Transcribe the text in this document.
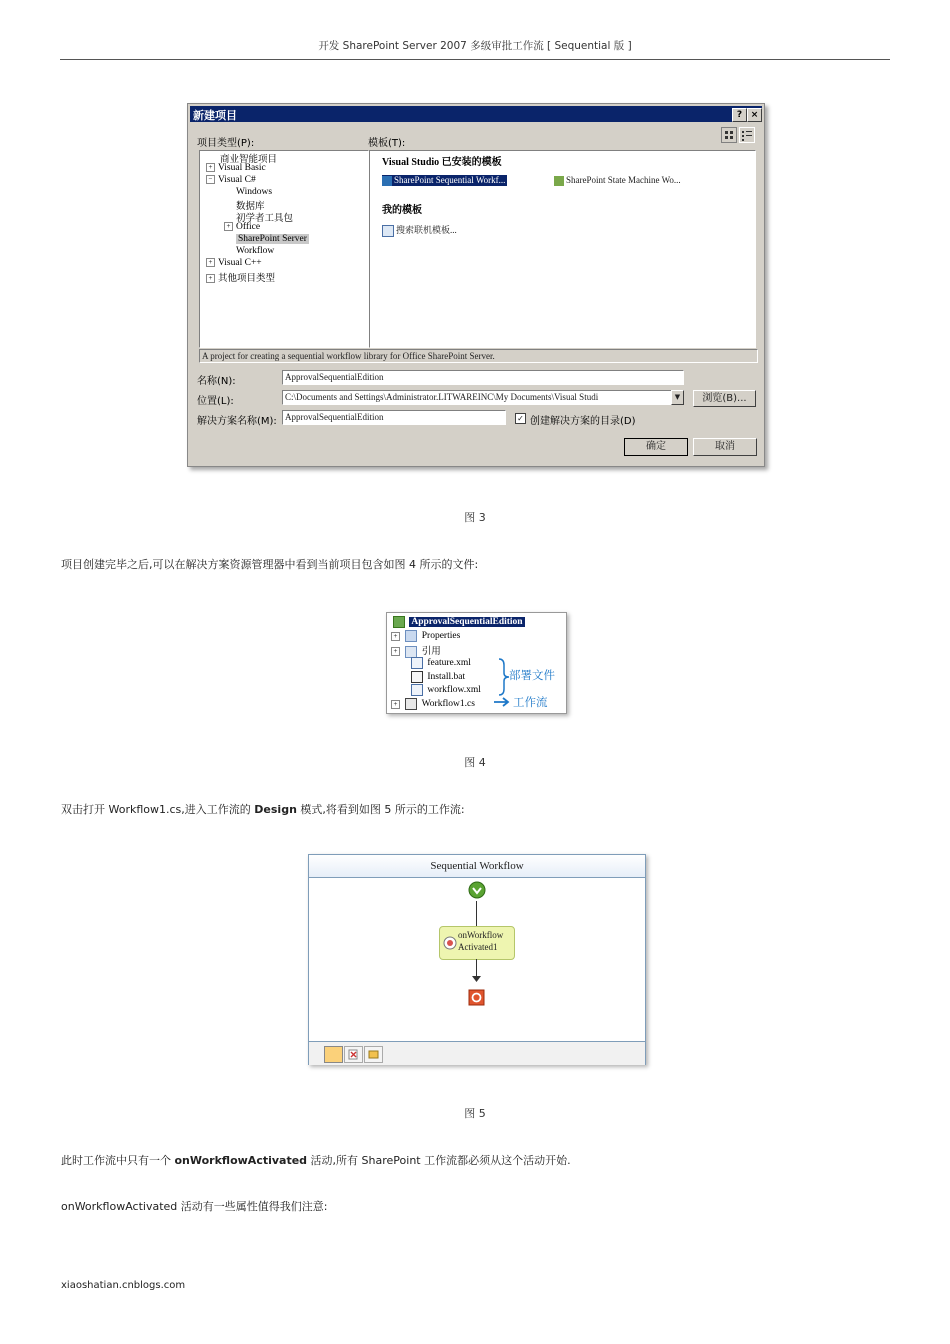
开发 SharePoint Server 2007 多级审批工作流 [ Sequential 版 ]
新建项目	? ×
项目类型(P):	模板(T):
商业智能项目
+ Visual Basic
− Visual C#
Windows
数据库
初学者工具包
+ Office
SharePoint Server
Workflow
+ Visual C++
+ 其他项目类型
Visual Studio 已安装的模板
SharePoint Sequential Workf...	SharePoint State Machine Wo...
我的模板
搜索联机模板...
A project for creating a sequential workflow library for Office SharePoint Server.
名称(N):	ApprovalSequentialEdition
位置(L):	C:\Documents and Settings\Administrator.LITWAREINC\My Documents\Visual Studi	▼	浏览(B)...
解决方案名称(M): ApprovalSequentialEdition	✓ 创建解决方案的目录(D)
确定	取消
图 3
项目创建完毕之后,可以在解决方案资源管理器中看到当前项目包含如图 4 所示的文件:
ApprovalSequentialEdition
+	Properties
+	引用
feature.xml
Install.bat
workflow.xml
+	Workflow1.cs
部署文件
工作流
图 4
双击打开 Workflow1.cs,进入工作流的 Design 模式,将看到如图 5 所示的工作流:
Sequential Workflow
onWorkflow
Activated1
图 5
此时工作流中只有一个 onWorkflowActivated 活动,所有 SharePoint 工作流都必须从这个活动开始.
onWorkflowActivated 活动有一些属性值得我们注意:
xiaoshatian.cnblogs.com
